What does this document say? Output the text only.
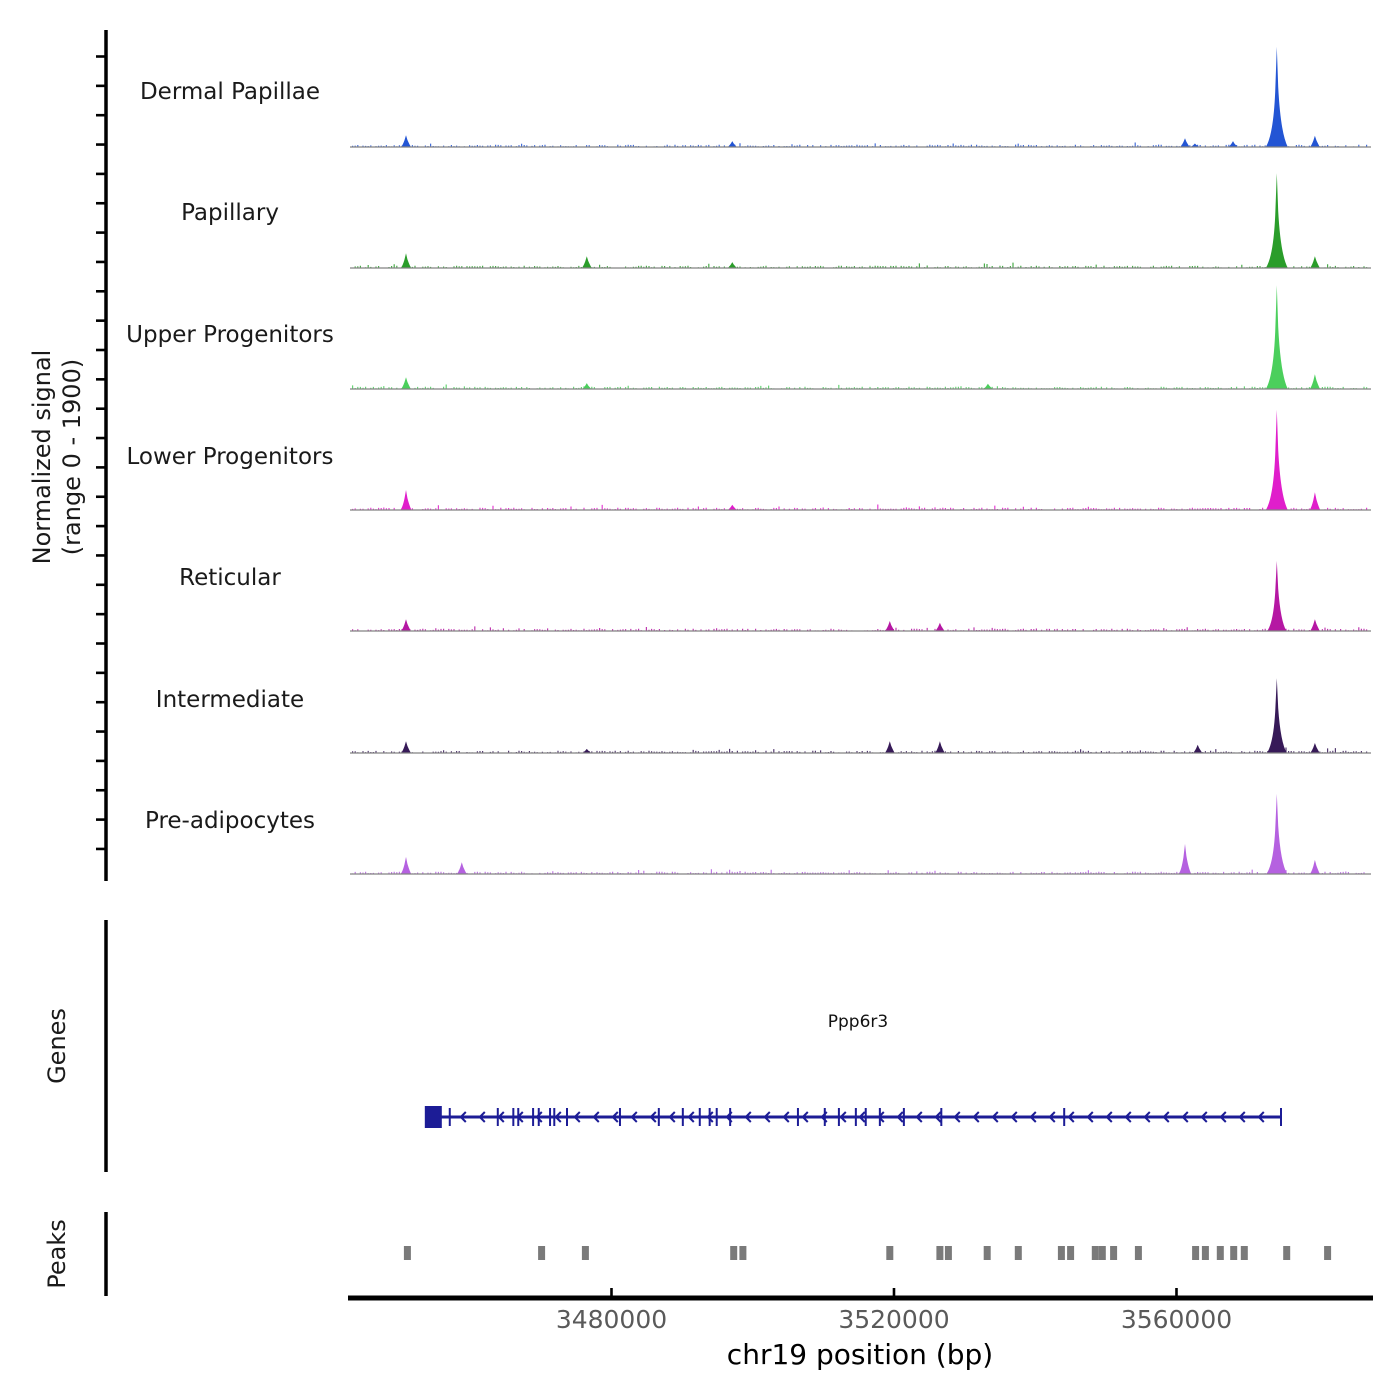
3480000	3520000	3560000
Normalized signal (range 0 - 1900)
Dermal Papillae
Papillary
Upper Progenitors
Lower Progenitors
Reticular
Intermediate
Pre-adipocytes
Genes
Peaks
Ppp6r3
chr19 position (bp)
